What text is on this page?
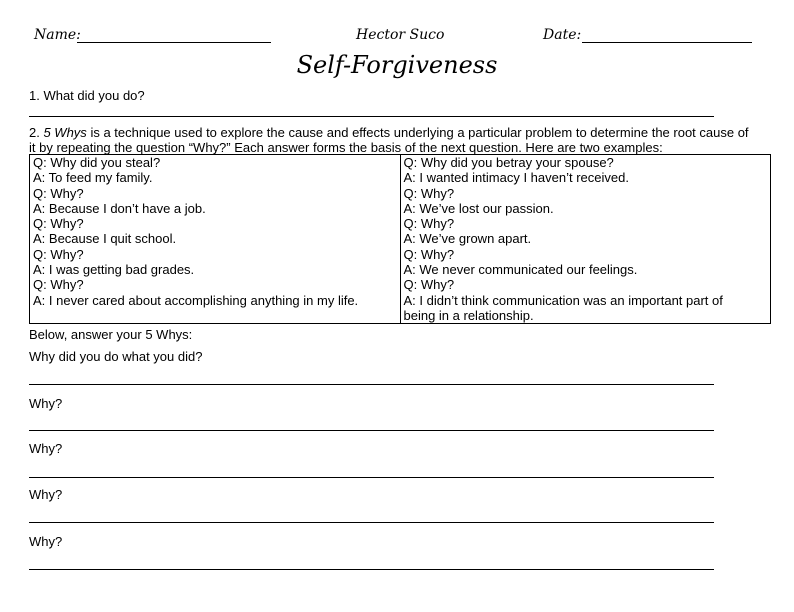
Name:	Hector Suco	Date:
Self-Forgiveness
1. What did you do?
2. 5 Whys is a technique used to explore the cause and effects underlying a particular problem to determine the root cause of
it by repeating the question “Why?” Each answer forms the basis of the next question. Here are two examples:
Q: Why did you steal?
A: To feed my family.
Q: Why?
A: Because I don’t have a job.
Q: Why?
A: Because I quit school.
Q: Why?
A: I was getting bad grades.
Q: Why?
A: I never cared about accomplishing anything in my life.

Q: Why did you betray your spouse?
A: I wanted intimacy I haven’t received.
Q: Why?
A: We’ve lost our passion.
Q: Why?
A: We’ve grown apart.
Q: Why?
A: We never communicated our feelings.
Q: Why?
A: I didn’t think communication was an important part of
being in a relationship.
Below, answer your 5 Whys:
Why did you do what you did?
Why?
Why?
Why?
Why?
